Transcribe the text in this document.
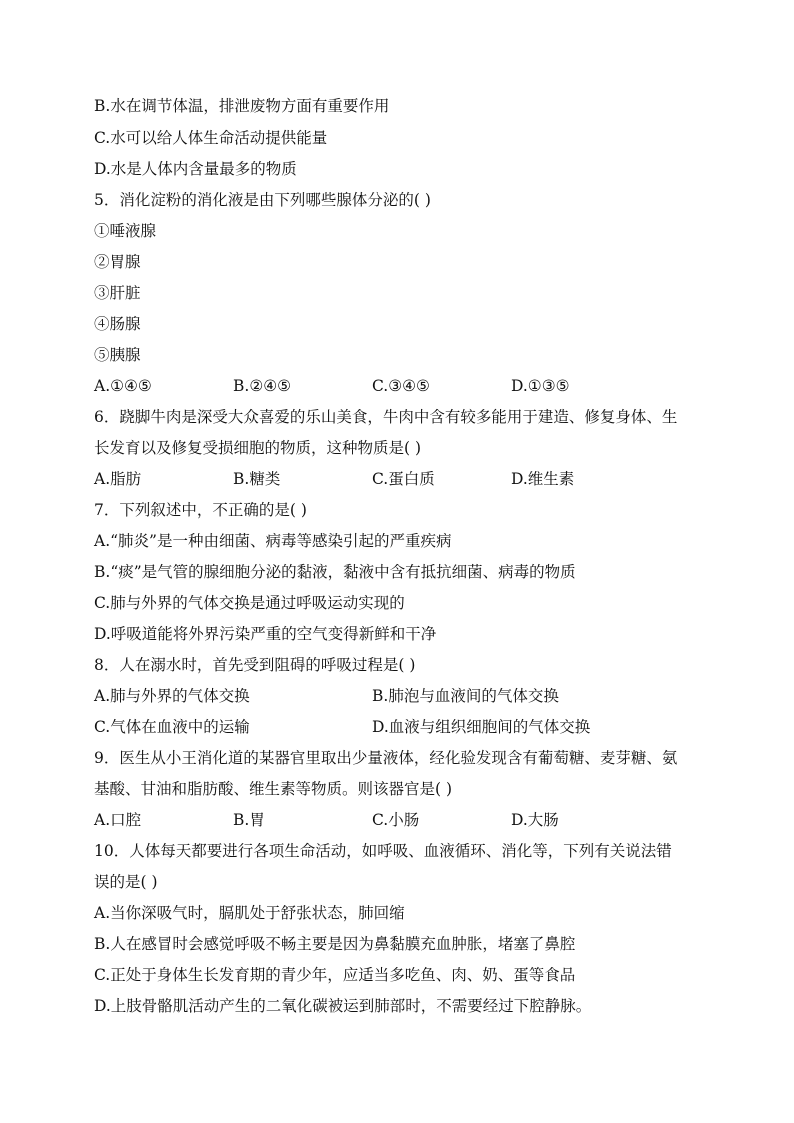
B.水在调节体温，排泄废物方面有重要作用
C.水可以给人体生命活动提供能量
D.水是人体内含量最多的物质
5．消化淀粉的消化液是由下列哪些腺体分泌的( )
①唾液腺
②胃腺
③肝脏
④肠腺
⑤胰腺
A.①④⑤	B.②④⑤	C.③④⑤	D.①③⑤
6．跷脚牛肉是深受大众喜爱的乐山美食，牛肉中含有较多能用于建造、修复身体、生
长发育以及修复受损细胞的物质，这种物质是( )
A.脂肪	B.糖类	C.蛋白质	D.维生素
7．下列叙述中，不正确的是( )
A.“肺炎”是一种由细菌、病毒等感染引起的严重疾病
B.“痰”是气管的腺细胞分泌的黏液，黏液中含有抵抗细菌、病毒的物质
C.肺与外界的气体交换是通过呼吸运动实现的
D.呼吸道能将外界污染严重的空气变得新鲜和干净
8．人在溺水时，首先受到阻碍的呼吸过程是( )
A.肺与外界的气体交换	B.肺泡与血液间的气体交换
C.气体在血液中的运输	D.血液与组织细胞间的气体交换
9．医生从小王消化道的某器官里取出少量液体，经化验发现含有葡萄糖、麦芽糖、氨
基酸、甘油和脂肪酸、维生素等物质。则该器官是( )
A.口腔	B.胃	C.小肠	D.大肠
10．人体每天都要进行各项生命活动，如呼吸、血液循环、消化等，下列有关说法错
误的是( )
A.当你深吸气时，膈肌处于舒张状态，肺回缩
B.人在感冒时会感觉呼吸不畅主要是因为鼻黏膜充血肿胀，堵塞了鼻腔
C.正处于身体生长发育期的青少年，应适当多吃鱼、肉、奶、蛋等食品
D.上肢骨骼肌活动产生的二氧化碳被运到肺部时，不需要经过下腔静脉。
